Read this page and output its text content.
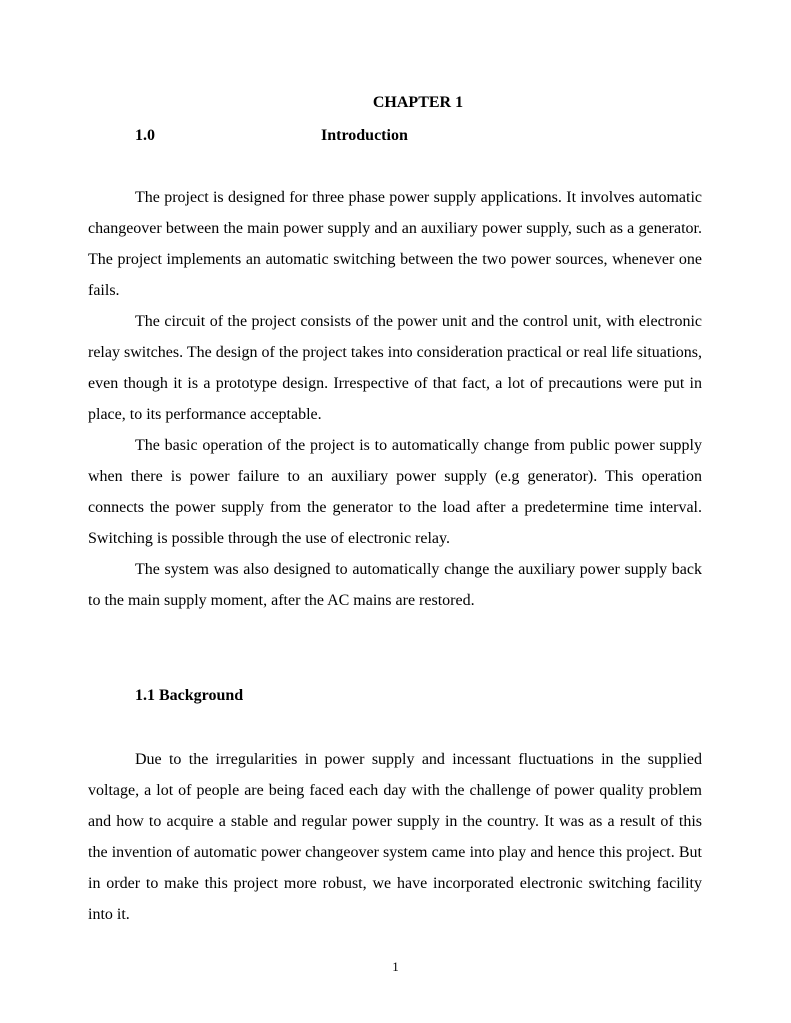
CHAPTER 1
1.0	Introduction

The project is designed for three phase power supply applications. It involves automatic changeover between the main power supply and an auxiliary power supply, such as a generator. The project implements an automatic switching between the two power sources, whenever one fails.

The circuit of the project consists of the power unit and the control unit, with electronic relay switches. The design of the project takes into consideration practical or real life situations, even though it is a prototype design. Irrespective of that fact, a lot of precautions were put in place, to its performance acceptable.

The basic operation of the project is to automatically change from public power supply when there is power failure to an auxiliary power supply (e.g generator). This operation connects the power supply from the generator to the load after a predetermine time interval. Switching is possible through the use of electronic relay.

The system was also designed to automatically change the auxiliary power supply back to the main supply moment, after the AC mains are restored.

1.1 Background

Due to the irregularities in power supply and incessant fluctuations in the supplied voltage, a lot of people are being faced each day with the challenge of power quality problem and how to acquire a stable and regular power supply in the country. It was as a result of this the invention of automatic power changeover system came into play and hence this project. But in order to make this project more robust, we have incorporated electronic switching facility into it.

1
